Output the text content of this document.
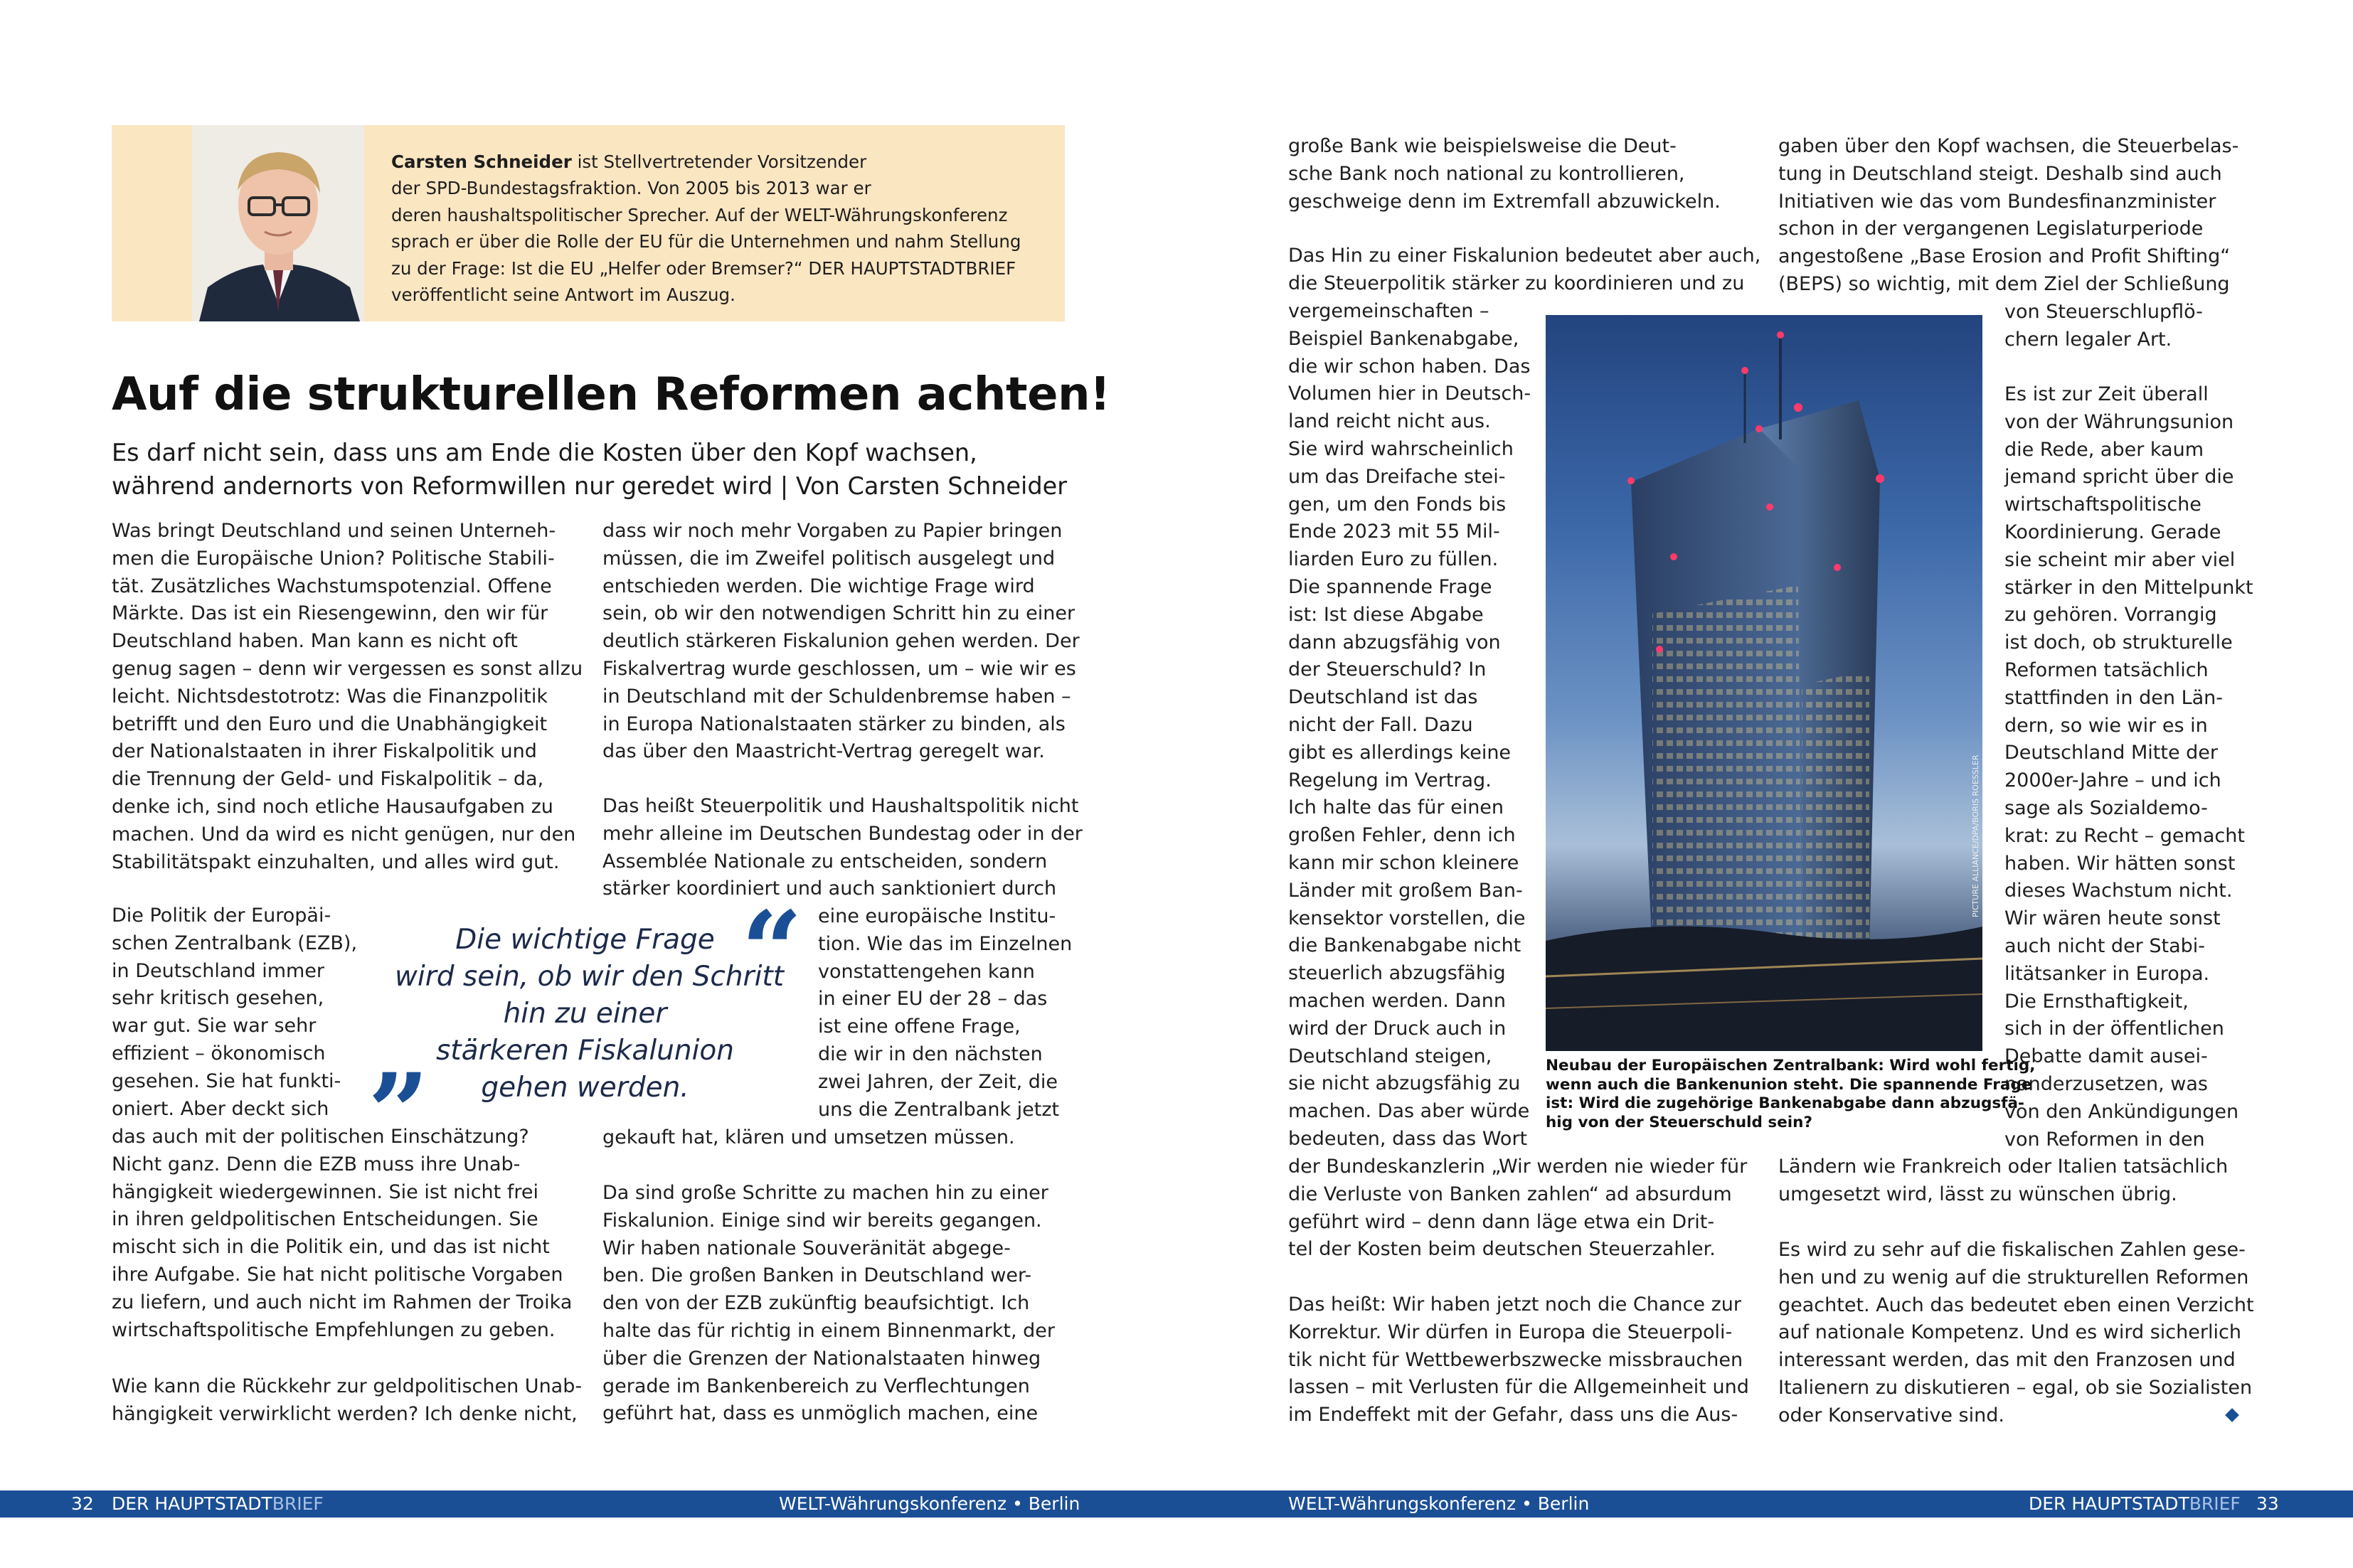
Carsten Schneider ist Stellvertretender Vorsitzender
der SPD-Bundestagsfraktion. Von 2005 bis 2013 war er
deren haushaltspolitischer Sprecher. Auf der WELT-Währungskonferenz
sprach er über die Rolle der EU für die Unternehmen und nahm Stellung
zu der Frage: Ist die EU „Helfer oder Bremser?“ DER HAUPTSTADTBRIEF
veröffentlicht seine Antwort im Auszug.
Auf die strukturellen Reformen achten!
Es darf nicht sein, dass uns am Ende die Kosten über den Kopf wachsen,
während andernorts von Reformwillen nur geredet wird | Von Carsten Schneider
Was bringt Deutschland und seinen Unterneh-
men die Europäische Union? Politische Stabili-
tät. Zusätzliches Wachstumspotenzial. Offene
Märkte. Das ist ein Riesengewinn, den wir für
Deutschland haben. Man kann es nicht oft
genug sagen – denn wir vergessen es sonst allzu
leicht. Nichtsdestotrotz: Was die Finanzpolitik
betrifft und den Euro und die Unabhängigkeit
der Nationalstaaten in ihrer Fiskalpolitik und
die Trennung der Geld- und Fiskalpolitik – da,
denke ich, sind noch etliche Hausaufgaben zu
machen. Und da wird es nicht genügen, nur den
Stabilitätspakt einzuhalten, und alles wird gut.
Die Politik der Europäi-
schen Zentralbank (EZB),
in Deutschland immer
sehr kritisch gesehen,
war gut. Sie war sehr
effizient – ökonomisch
gesehen. Sie hat funkti-
oniert. Aber deckt sich
das auch mit der politischen Einschätzung?
Nicht ganz. Denn die EZB muss ihre Unab-
hängigkeit wiedergewinnen. Sie ist nicht frei
in ihren geldpolitischen Entscheidungen. Sie
mischt sich in die Politik ein, und das ist nicht
ihre Aufgabe. Sie hat nicht politische Vorgaben
zu liefern, und auch nicht im Rahmen der Troika
wirtschaftspolitische Empfehlungen zu geben.
Wie kann die Rückkehr zur geldpolitischen Unab-
hängigkeit verwirklicht werden? Ich denke nicht,
dass wir noch mehr Vorgaben zu Papier bringen
müssen, die im Zweifel politisch ausgelegt und
entschieden werden. Die wichtige Frage wird
sein, ob wir den notwendigen Schritt hin zu einer
deutlich stärkeren Fiskalunion gehen werden. Der
Fiskalvertrag wurde geschlossen, um – wie wir es
in Deutschland mit der Schuldenbremse haben –
in Europa Nationalstaaten stärker zu binden, als
das über den Maastricht-Vertrag geregelt war.
Das heißt Steuerpolitik und Haushaltspolitik nicht
mehr alleine im Deutschen Bundestag oder in der
Assemblée Nationale zu entscheiden, sondern
stärker koordiniert und auch sanktioniert durch
eine europäische Institu-
tion. Wie das im Einzelnen
vonstattengehen kann
in einer EU der 28 – das
ist eine offene Frage,
die wir in den nächsten
zwei Jahren, der Zeit, die
uns die Zentralbank jetzt
gekauft hat, klären und umsetzen müssen.
Da sind große Schritte zu machen hin zu einer
Fiskalunion. Einige sind wir bereits gegangen.
Wir haben nationale Souveränität abgege-
ben. Die großen Banken in Deutschland wer-
den von der EZB zukünftig beaufsichtigt. Ich
halte das für richtig in einem Binnenmarkt, der
über die Grenzen der Nationalstaaten hinweg
gerade im Bankenbereich zu Verflechtungen
geführt hat, dass es unmöglich machen, eine
große Bank wie beispielsweise die Deut-
sche Bank noch national zu kontrollieren,
geschweige denn im Extremfall abzuwickeln.
Das Hin zu einer Fiskalunion bedeutet aber auch,
die Steuerpolitik stärker zu koordinieren und zu
vergemeinschaften –
Beispiel Bankenabgabe,
die wir schon haben. Das
Volumen hier in Deutsch-
land reicht nicht aus.
Sie wird wahrscheinlich
um das Dreifache stei-
gen, um den Fonds bis
Ende 2023 mit 55 Mil-
liarden Euro zu füllen.
Die spannende Frage
ist: Ist diese Abgabe
dann abzugsfähig von
der Steuerschuld? In
Deutschland ist das
nicht der Fall. Dazu
gibt es allerdings keine
Regelung im Vertrag.
Ich halte das für einen
großen Fehler, denn ich
kann mir schon kleinere
Länder mit großem Ban-
kensektor vorstellen, die
die Bankenabgabe nicht
steuerlich abzugsfähig
machen werden. Dann
wird der Druck auch in
Deutschland steigen,
sie nicht abzugsfähig zu
machen. Das aber würde
bedeuten, dass das Wort
der Bundeskanzlerin „Wir werden nie wieder für
die Verluste von Banken zahlen“ ad absurdum
geführt wird – denn dann läge etwa ein Drit-
tel der Kosten beim deutschen Steuerzahler.
Das heißt: Wir haben jetzt noch die Chance zur
Korrektur. Wir dürfen in Europa die Steuerpoli-
tik nicht für Wettbewerbszwecke missbrauchen
lassen – mit Verlusten für die Allgemeinheit und
im Endeffekt mit der Gefahr, dass uns die Aus-
gaben über den Kopf wachsen, die Steuerbelas-
tung in Deutschland steigt. Deshalb sind auch
Initiativen wie das vom Bundesfinanzminister
schon in der vergangenen Legislaturperiode
angestoßene „Base Erosion and Profit Shifting“
(BEPS) so wichtig, mit dem Ziel der Schließung
von Steuerschlupflö-
chern legaler Art.
Es ist zur Zeit überall
von der Währungsunion
die Rede, aber kaum
jemand spricht über die
wirtschaftspolitische
Koordinierung. Gerade
sie scheint mir aber viel
stärker in den Mittelpunkt
zu gehören. Vorrangig
ist doch, ob strukturelle
Reformen tatsächlich
stattfinden in den Län-
dern, so wie wir es in
Deutschland Mitte der
2000er-Jahre – und ich
sage als Sozialdemo-
krat: zu Recht – gemacht
haben. Wir hätten sonst
dieses Wachstum nicht.
Wir wären heute sonst
auch nicht der Stabi-
litätsanker in Europa.
Die Ernsthaftigkeit,
sich in der öffentlichen
Debatte damit ausei-
nanderzusetzen, was
von den Ankündigungen
von Reformen in den
Ländern wie Frankreich oder Italien tatsächlich
umgesetzt wird, lässt zu wünschen übrig.
Es wird zu sehr auf die fiskalischen Zahlen gese-
hen und zu wenig auf die strukturellen Reformen
geachtet. Auch das bedeutet eben einen Verzicht
auf nationale Kompetenz. Und es wird sicherlich
interessant werden, das mit den Franzosen und
Italienern zu diskutieren – egal, ob sie Sozialisten
oder Konservative sind.
“
”
Die wichtige Frage
wird sein, ob wir den Schritt
hin zu einer
stärkeren Fiskalunion
gehen werden.
PICTURE ALLIANCE/DPA/BORIS ROESSLER
Neubau der Europäischen Zentralbank: Wird wohl fertig,
wenn auch die Bankenunion steht. Die spannende Frage
ist: Wird die zugehörige Bankenabgabe dann abzugsfä-
hig von der Steuerschuld sein?
32 DER HAUPTSTADTBRIEF	WELT-Währungskonferenz • Berlin	WELT-Währungskonferenz • Berlin	DER HAUPTSTADTBRIEF 33
